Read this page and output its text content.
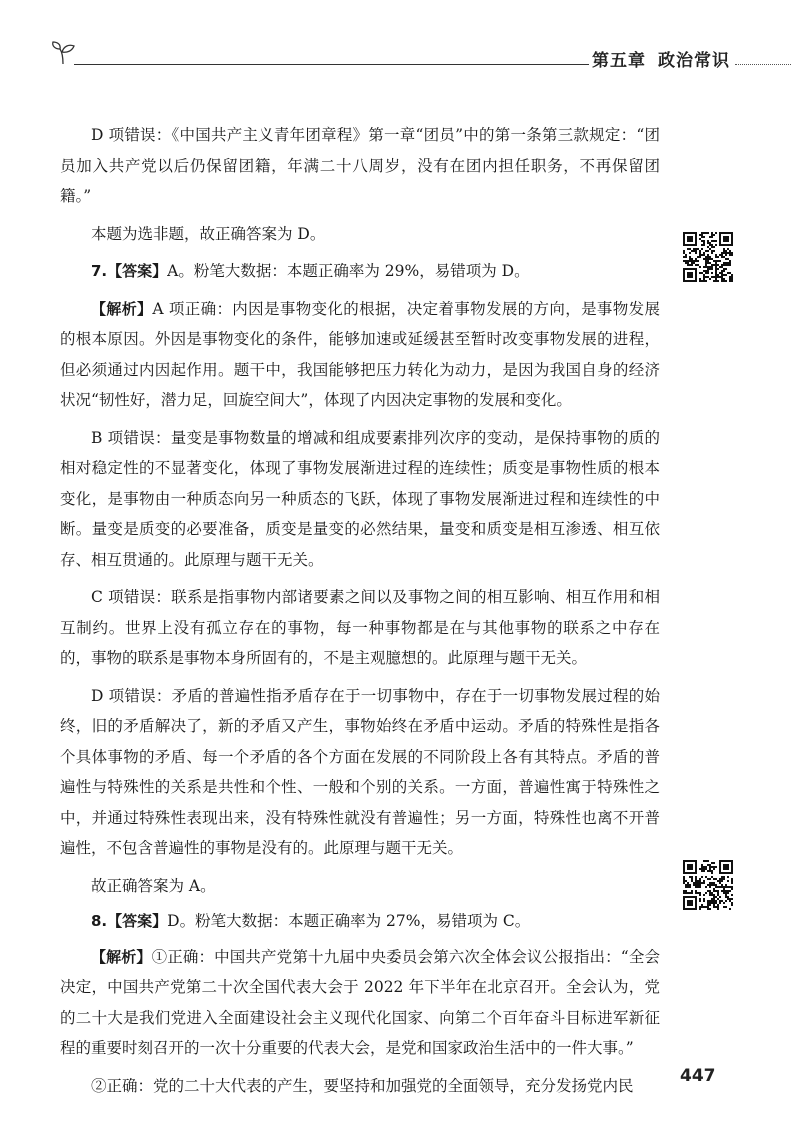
第五章 政治常识

D 项错误：《中国共产主义青年团章程》第一章“团员”中的第一条第三款规定：“团员加入共产党以后仍保留团籍，年满二十八周岁，没有在团内担任职务，不再保留团籍。”

本题为选非题，故正确答案为 D。

7.【答案】A。粉笔大数据：本题正确率为 29%，易错项为 D。

【解析】A 项正确：内因是事物变化的根据，决定着事物发展的方向，是事物发展的根本原因。外因是事物变化的条件，能够加速或延缓甚至暂时改变事物发展的进程，但必须通过内因起作用。题干中，我国能够把压力转化为动力，是因为我国自身的经济状况“韧性好，潜力足，回旋空间大”，体现了内因决定事物的发展和变化。

B 项错误：量变是事物数量的增减和组成要素排列次序的变动，是保持事物的质的相对稳定性的不显著变化，体现了事物发展渐进过程的连续性；质变是事物性质的根本变化，是事物由一种质态向另一种质态的飞跃，体现了事物发展渐进过程和连续性的中断。量变是质变的必要准备，质变是量变的必然结果，量变和质变是相互渗透、相互依存、相互贯通的。此原理与题干无关。

C 项错误：联系是指事物内部诸要素之间以及事物之间的相互影响、相互作用和相互制约。世界上没有孤立存在的事物，每一种事物都是在与其他事物的联系之中存在的，事物的联系是事物本身所固有的，不是主观臆想的。此原理与题干无关。

D 项错误：矛盾的普遍性指矛盾存在于一切事物中，存在于一切事物发展过程的始终，旧的矛盾解决了，新的矛盾又产生，事物始终在矛盾中运动。矛盾的特殊性是指各个具体事物的矛盾、每一个矛盾的各个方面在发展的不同阶段上各有其特点。矛盾的普遍性与特殊性的关系是共性和个性、一般和个别的关系。一方面，普遍性寓于特殊性之中，并通过特殊性表现出来，没有特殊性就没有普遍性；另一方面，特殊性也离不开普遍性，不包含普遍性的事物是没有的。此原理与题干无关。

故正确答案为 A。

8.【答案】D。粉笔大数据：本题正确率为 27%，易错项为 C。

【解析】①正确：中国共产党第十九届中央委员会第六次全体会议公报指出：“全会决定，中国共产党第二十次全国代表大会于 2022 年下半年在北京召开。全会认为，党的二十大是我们党进入全面建设社会主义现代化国家、向第二个百年奋斗目标进军新征程的重要时刻召开的一次十分重要的代表大会，是党和国家政治生活中的一件大事。”

②正确：党的二十大代表的产生，要坚持和加强党的全面领导，充分发扬党内民	447
